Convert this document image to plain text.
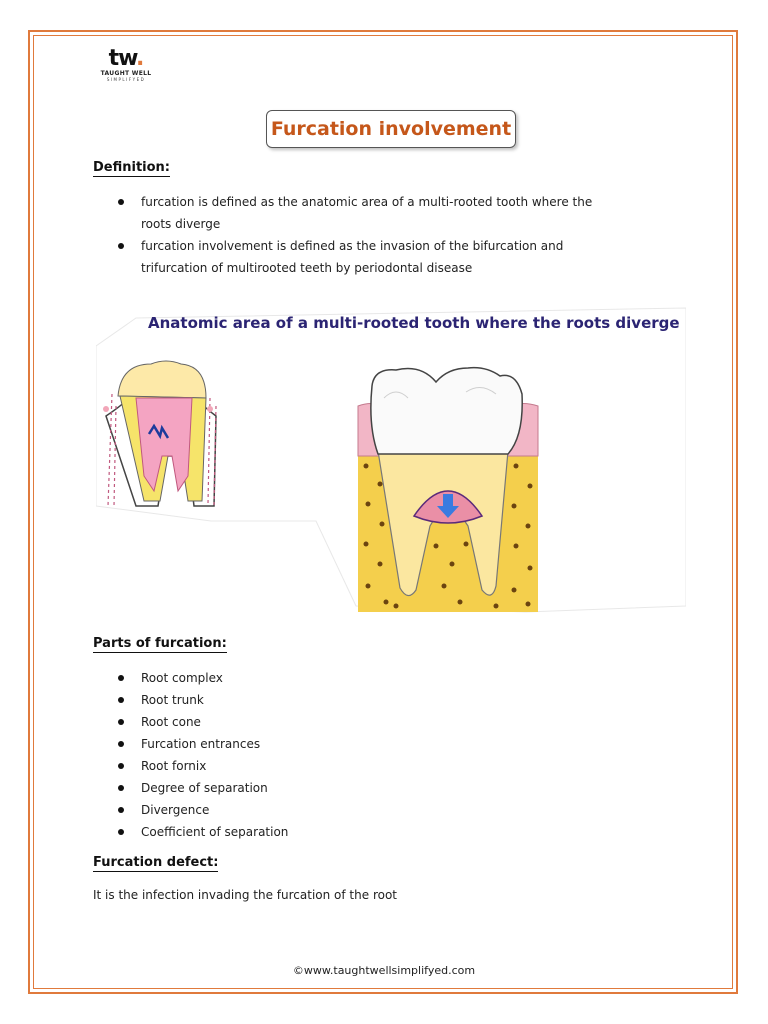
tw.
TAUGHT WELL
SIMPLIFYED
Furcation involvement
Definition:
furcation is defined as the anatomic area of a multi-rooted tooth where the
roots diverge
furcation involvement is defined as the invasion of the bifurcation and
trifurcation of multirooted teeth by periodontal disease
Anatomic area of a multi-rooted tooth where the roots diverge
Parts of furcation:
Root complex
Root trunk
Root cone
Furcation entrances
Root fornix
Degree of separation
Divergence
Coefficient of separation
Furcation defect:
It is the infection invading the furcation of the root
©www.taughtwellsimplifyed.com
